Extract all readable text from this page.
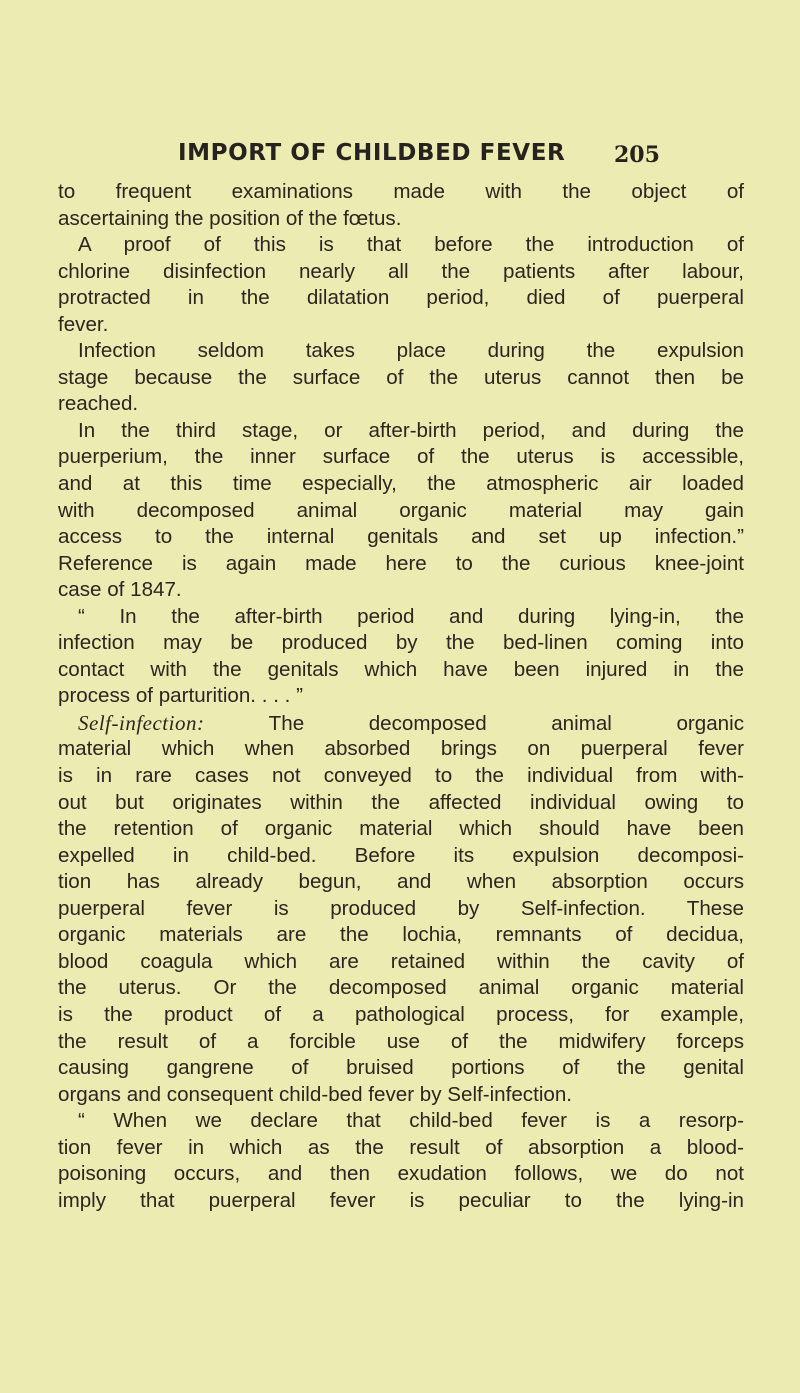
IMPORT OF CHILDBED FEVER 205
to frequent examinations made with the object of
ascertaining the position of the fœtus.
A proof of this is that before the introduction of
chlorine disinfection nearly all the patients after labour,
protracted in the dilatation period, died of puerperal
fever.
Infection seldom takes place during the expulsion
stage because the surface of the uterus cannot then be
reached.
In the third stage, or after-birth period, and during the
puerperium, the inner surface of the uterus is accessible,
and at this time especially, the atmospheric air loaded
with decomposed animal organic material may gain
access to the internal genitals and set up infection.”
Reference is again made here to the curious knee-joint
case of 1847.
“ In the after-birth period and during lying-in, the
infection may be produced by the bed-linen coming into
contact with the genitals which have been injured in the
process of parturition. . . . ”
Self-infection: The decomposed animal organic
material which when absorbed brings on puerperal fever
is in rare cases not conveyed to the individual from with-
out but originates within the affected individual owing to
the retention of organic material which should have been
expelled in child-bed. Before its expulsion decomposi-
tion has already begun, and when absorption occurs
puerperal fever is produced by Self-infection. These
organic materials are the lochia, remnants of decidua,
blood coagula which are retained within the cavity of
the uterus. Or the decomposed animal organic material
is the product of a pathological process, for example,
the result of a forcible use of the midwifery forceps
causing gangrene of bruised portions of the genital
organs and consequent child-bed fever by Self-infection.
“ When we declare that child-bed fever is a resorp-
tion fever in which as the result of absorption a blood-
poisoning occurs, and then exudation follows, we do not
imply that puerperal fever is peculiar to the lying-in
